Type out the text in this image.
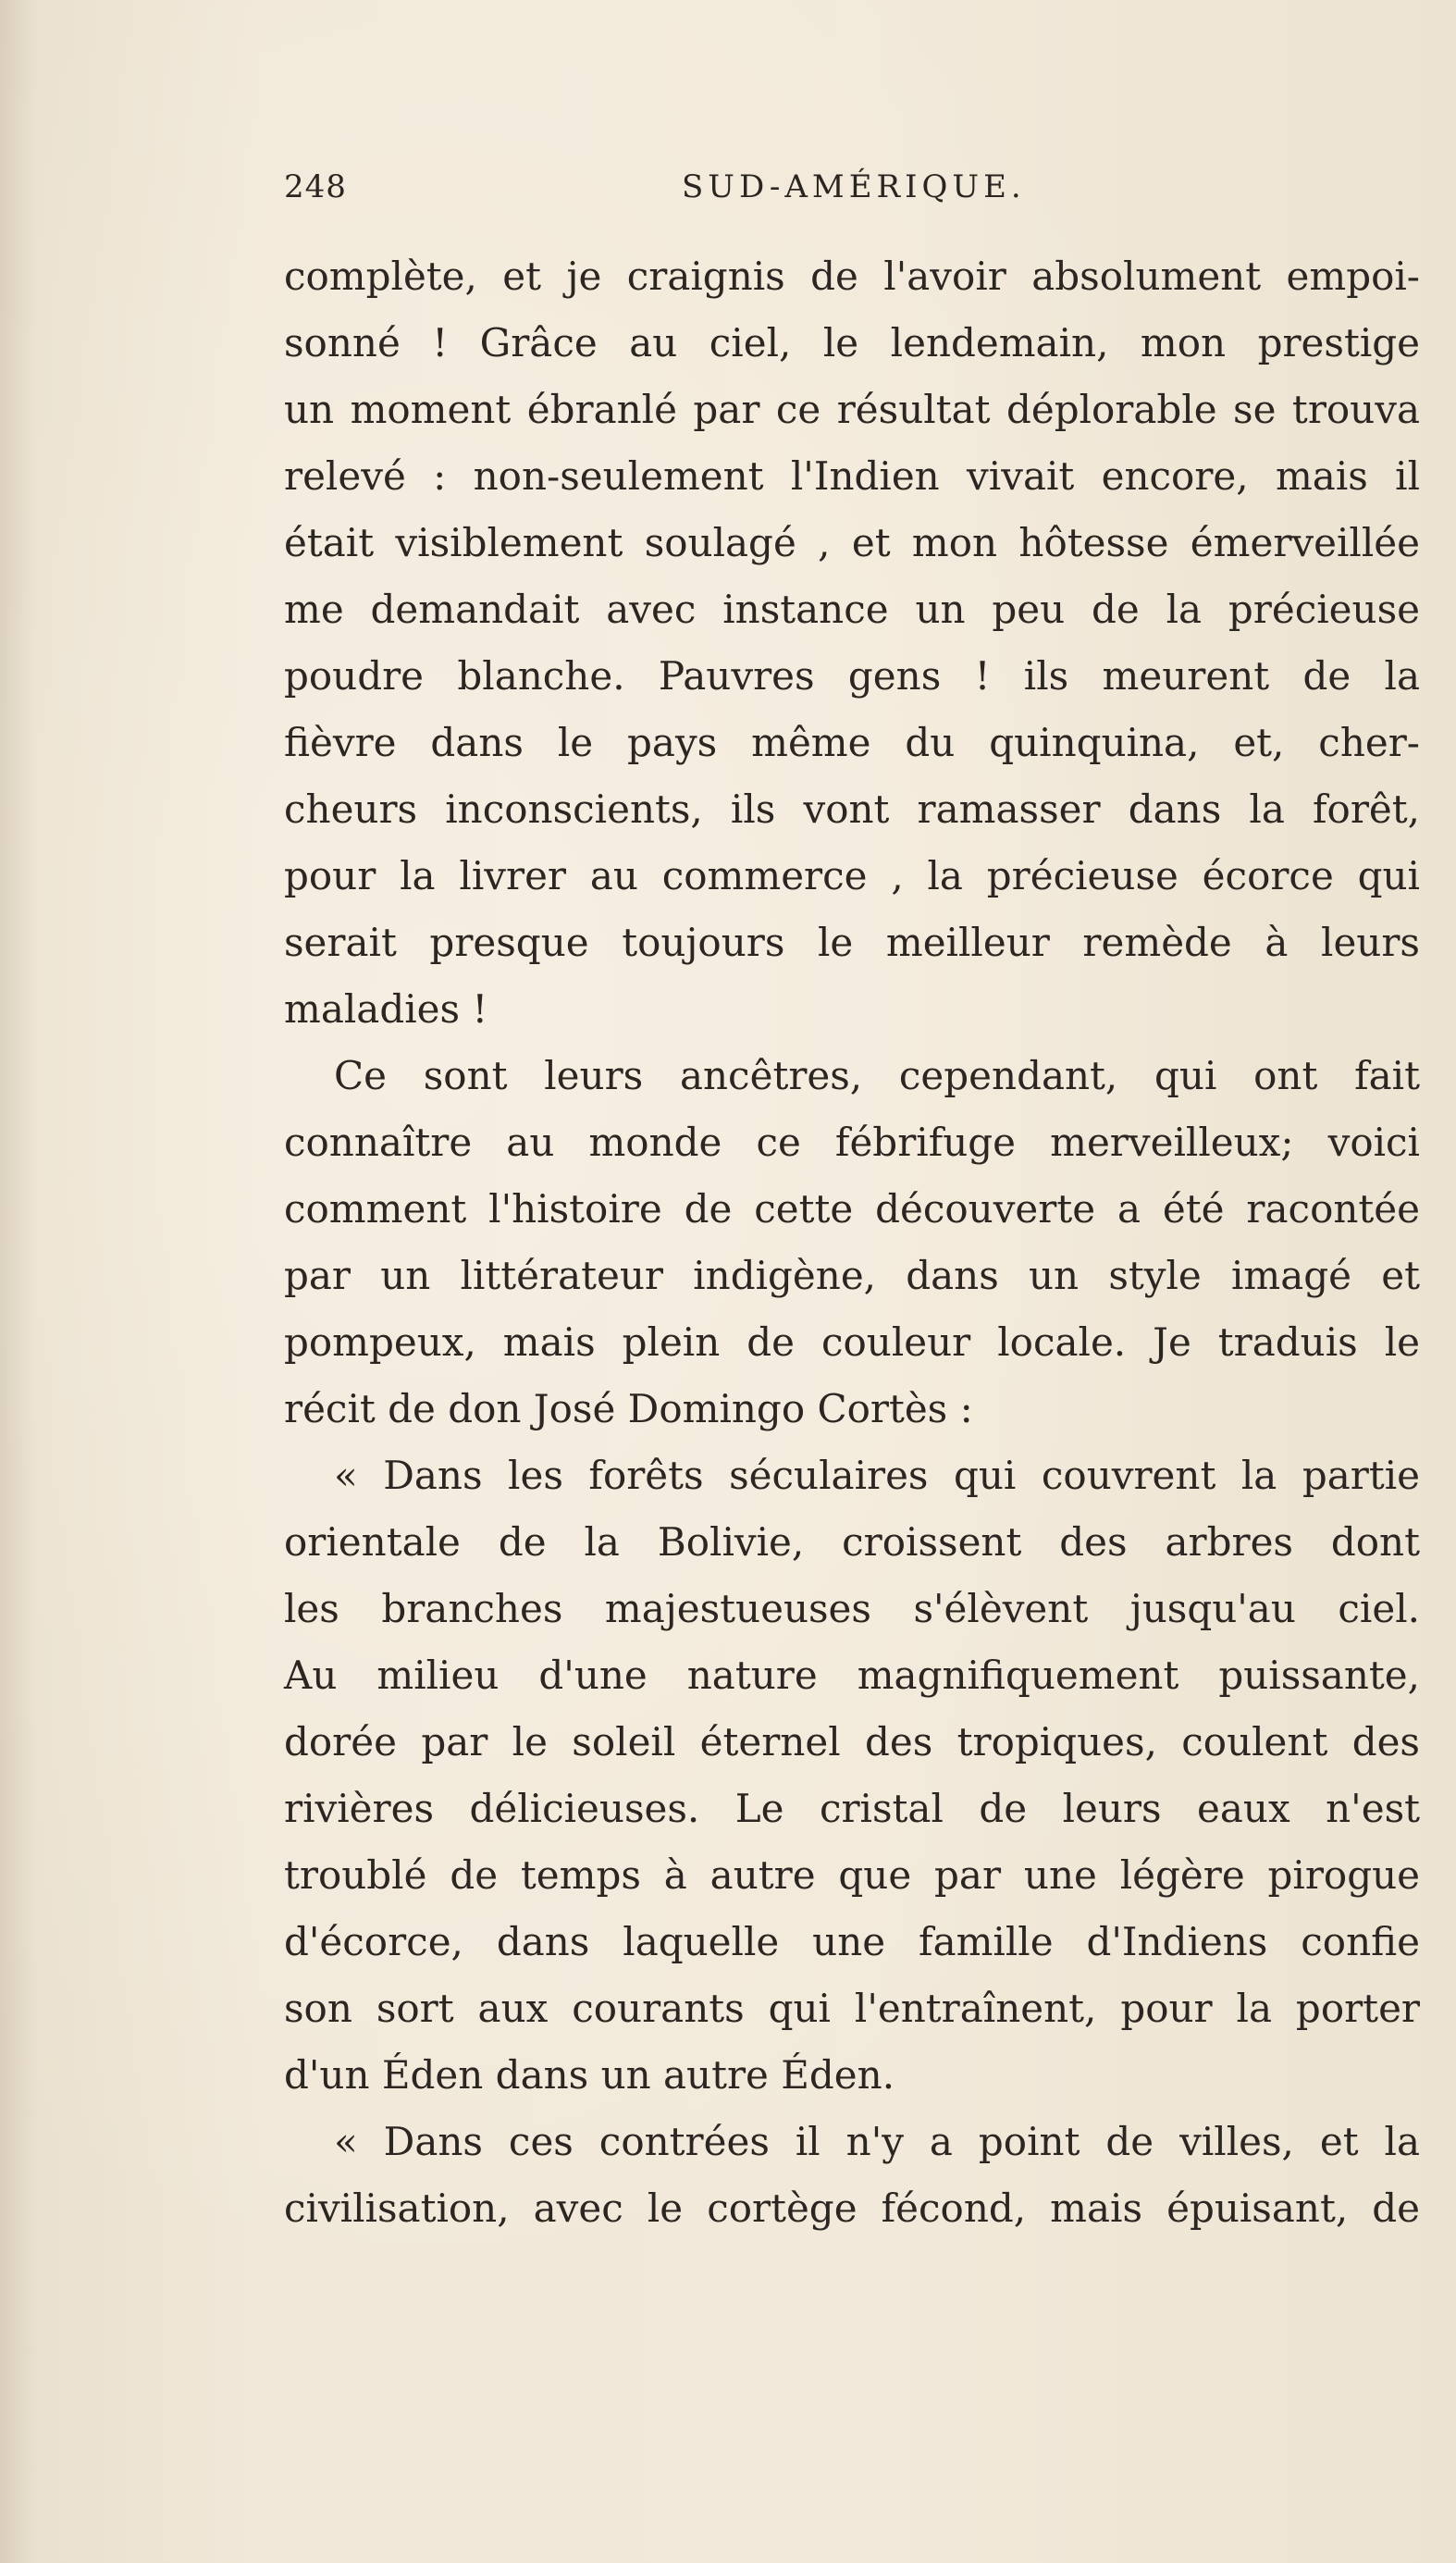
248	SUD-AMÉRIQUE.
complète, et je craignis de l'avoir absolument empoi-
sonné ! Grâce au ciel, le lendemain, mon prestige
un moment ébranlé par ce résultat déplorable se trouva
relevé : non-seulement l'Indien vivait encore, mais il
était visiblement soulagé , et mon hôtesse émerveillée
me demandait avec instance un peu de la précieuse
poudre blanche. Pauvres gens ! ils meurent de la
fièvre dans le pays même du quinquina, et, cher-
cheurs inconscients, ils vont ramasser dans la forêt,
pour la livrer au commerce , la précieuse écorce qui
serait presque toujours le meilleur remède à leurs
maladies !
Ce sont leurs ancêtres, cependant, qui ont fait
connaître au monde ce fébrifuge merveilleux; voici
comment l'histoire de cette découverte a été racontée
par un littérateur indigène, dans un style imagé et
pompeux, mais plein de couleur locale. Je traduis le
récit de don José Domingo Cortès :
« Dans les forêts séculaires qui couvrent la partie
orientale de la Bolivie, croissent des arbres dont
les branches majestueuses s'élèvent jusqu'au ciel.
Au milieu d'une nature magnifiquement puissante,
dorée par le soleil éternel des tropiques, coulent des
rivières délicieuses. Le cristal de leurs eaux n'est
troublé de temps à autre que par une légère pirogue
d'écorce, dans laquelle une famille d'Indiens confie
son sort aux courants qui l'entraînent, pour la porter
d'un Éden dans un autre Éden.
« Dans ces contrées il n'y a point de villes, et la
civilisation, avec le cortège fécond, mais épuisant, de
